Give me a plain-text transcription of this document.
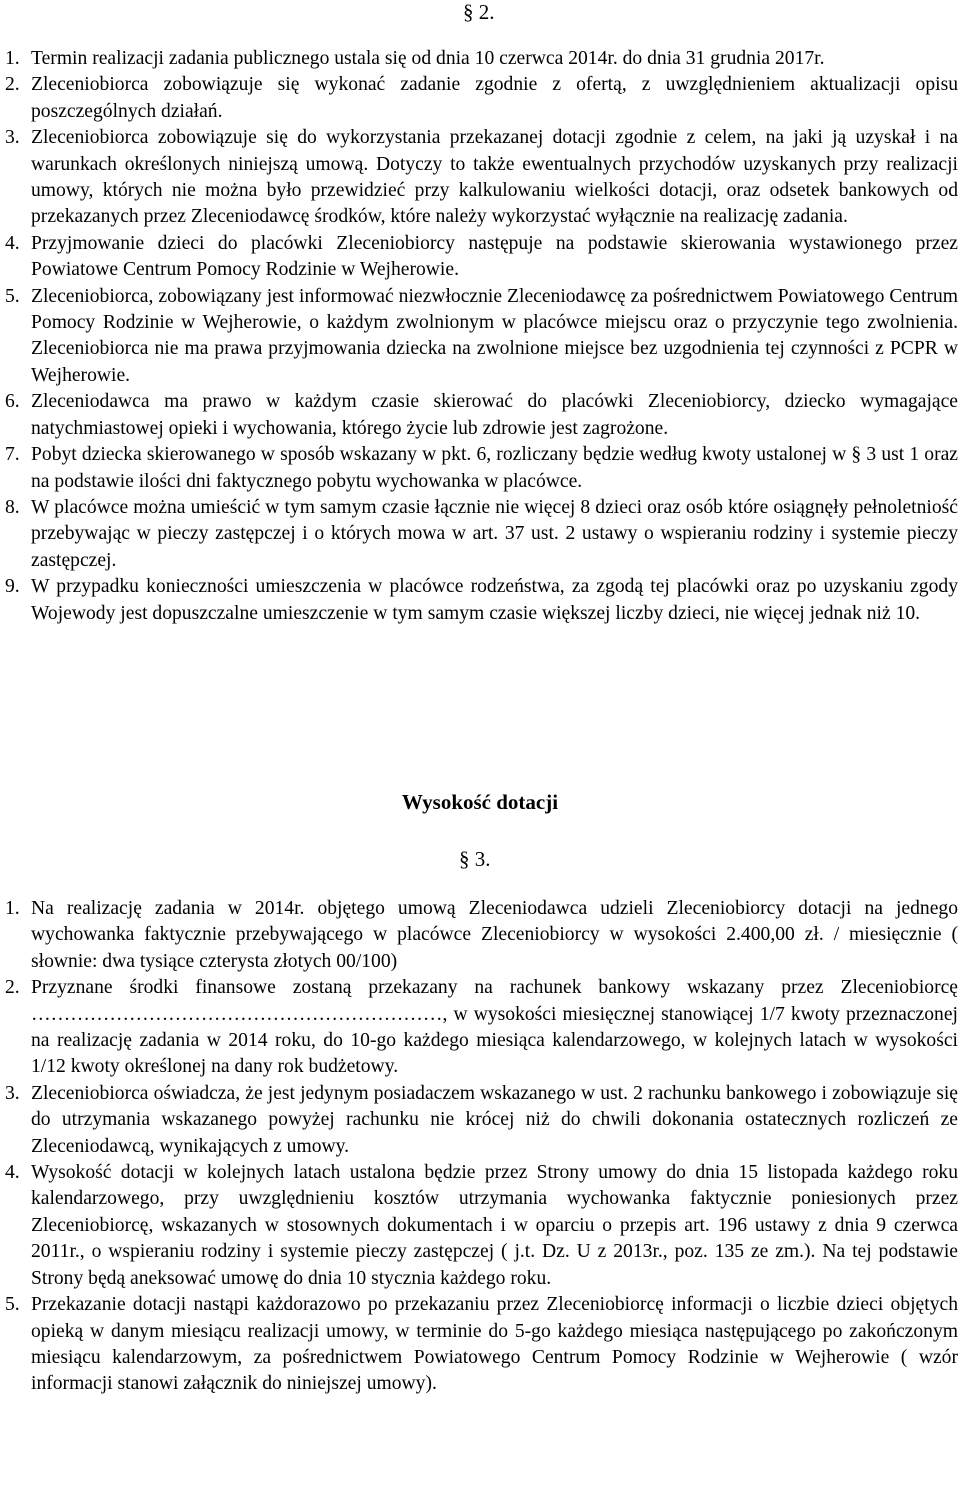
§ 2.
1. Termin realizacji zadania publicznego ustala się od dnia 10 czerwca 2014r. do dnia 31 grudnia 2017r.
2. Zleceniobiorca zobowiązuje się wykonać zadanie zgodnie z ofertą, z uwzględnieniem aktualizacji opisu poszczególnych działań.
3. Zleceniobiorca zobowiązuje się do wykorzystania przekazanej dotacji zgodnie z celem, na jaki ją uzyskał i na warunkach określonych niniejszą umową. Dotyczy to także ewentualnych przychodów uzyskanych przy realizacji umowy, których nie można było przewidzieć przy kalkulowaniu wielkości dotacji, oraz odsetek bankowych od przekazanych przez Zleceniodawcę środków, które należy wykorzystać wyłącznie na realizację zadania.
4. Przyjmowanie dzieci do placówki Zleceniobiorcy następuje na podstawie skierowania wystawionego przez Powiatowe Centrum Pomocy Rodzinie w Wejherowie.
5. Zleceniobiorca, zobowiązany jest informować niezwłocznie Zleceniodawcę za pośrednictwem Powiatowego Centrum Pomocy Rodzinie w Wejherowie, o każdym zwolnionym w placówce miejscu oraz o przyczynie tego zwolnienia. Zleceniobiorca nie ma prawa przyjmowania dziecka na zwolnione miejsce bez uzgodnienia tej czynności z PCPR w Wejherowie.
6. Zleceniodawca ma prawo w każdym czasie skierować do placówki Zleceniobiorcy, dziecko wymagające natychmiastowej opieki i wychowania, którego życie lub zdrowie jest zagrożone.
7. Pobyt dziecka skierowanego w sposób wskazany w pkt. 6, rozliczany będzie według kwoty ustalonej w § 3 ust 1 oraz na podstawie ilości dni faktycznego pobytu wychowanka w placówce.
8. W placówce można umieścić w tym samym czasie łącznie nie więcej 8 dzieci oraz osób które osiągnęły pełnoletniość przebywając w pieczy zastępczej i o których mowa w art. 37 ust. 2 ustawy o wspieraniu rodziny i systemie pieczy zastępczej.
9. W przypadku konieczności umieszczenia w placówce rodzeństwa, za zgodą tej placówki oraz po uzyskaniu zgody Wojewody jest dopuszczalne umieszczenie w tym samym czasie większej liczby dzieci, nie więcej jednak niż 10.
Wysokość dotacji
§ 3.
1. Na realizację zadania w 2014r. objętego umową Zleceniodawca udzieli Zleceniobiorcy dotacji na jednego wychowanka faktycznie przebywającego w placówce Zleceniobiorcy w wysokości 2.400,00 zł. / miesięcznie ( słownie: dwa tysiące czterysta złotych 00/100)
2. Przyznane środki finansowe zostaną przekazany na rachunek bankowy wskazany przez Zleceniobiorcę ………………………………………………………, w wysokości miesięcznej stanowiącej 1/7 kwoty przeznaczonej na realizację zadania w 2014 roku, do 10-go każdego miesiąca kalendarzowego, w kolejnych latach w wysokości 1/12 kwoty określonej na dany rok budżetowy.
3. Zleceniobiorca oświadcza, że jest jedynym posiadaczem wskazanego w ust. 2 rachunku bankowego i zobowiązuje się do utrzymania wskazanego powyżej rachunku nie krócej niż do chwili dokonania ostatecznych rozliczeń ze Zleceniodawcą, wynikających z umowy.
4. Wysokość dotacji w kolejnych latach ustalona będzie przez Strony umowy do dnia 15 listopada każdego roku kalendarzowego, przy uwzględnieniu kosztów utrzymania wychowanka faktycznie poniesionych przez Zleceniobiorcę, wskazanych w stosownych dokumentach i w oparciu o przepis art. 196 ustawy z dnia 9 czerwca 2011r., o wspieraniu rodziny i systemie pieczy zastępczej ( j.t. Dz. U z 2013r., poz. 135 ze zm.). Na tej podstawie Strony będą aneksować umowę do dnia 10 stycznia każdego roku.
5. Przekazanie dotacji nastąpi każdorazowo po przekazaniu przez Zleceniobiorcę informacji o liczbie dzieci objętych opieką w danym miesiącu realizacji umowy, w terminie do 5-go każdego miesiąca następującego po zakończonym miesiącu kalendarzowym, za pośrednictwem Powiatowego Centrum Pomocy Rodzinie w Wejherowie ( wzór informacji stanowi załącznik do niniejszej umowy).
